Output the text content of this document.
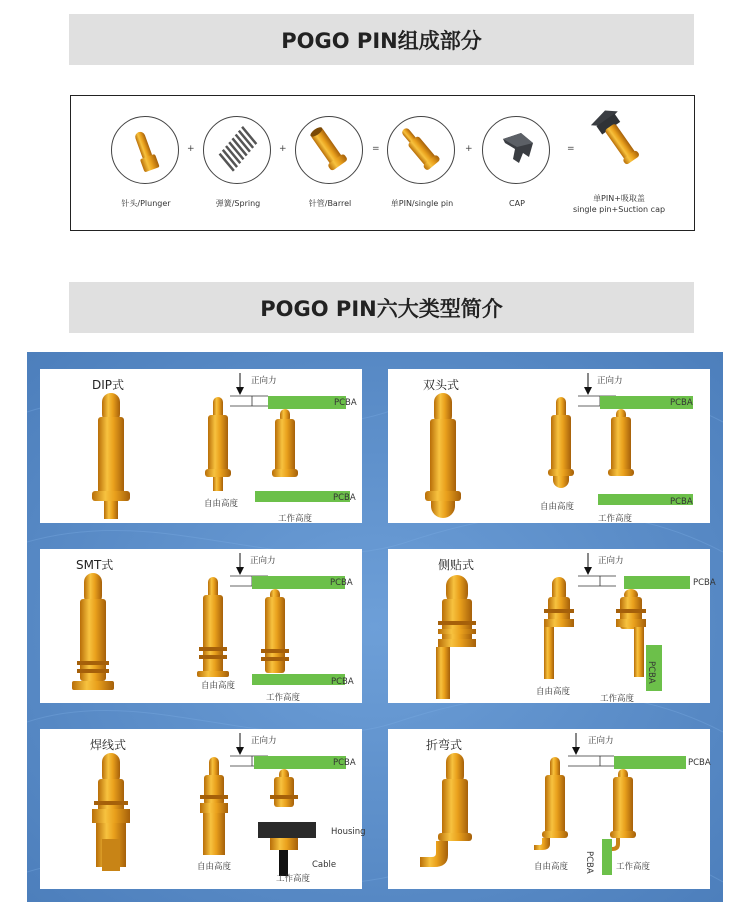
POGO PIN组成部分
针头/Plunger
+
弹簧/Spring
+
针管/Barrel
=
单PIN/single pin
+
CAP
=
单PIN+吸取盖
single pin+Suction cap
POGO PIN六大类型简介
DIP式	正向力
PCBA
PCBA
自由高度
工作高度
双头式	正向力
PCBA
PCBA
自由高度
工作高度
SMT式	正向力
PCBA
PCBA
自由高度
工作高度
侧贴式	正向力
PCBA
PCBA
自由高度
工作高度
焊线式	正向力
PCBA
Housing
Cable
自由高度
工作高度
折弯式	正向力
PCBA
PCBA
自由高度	工作高度
